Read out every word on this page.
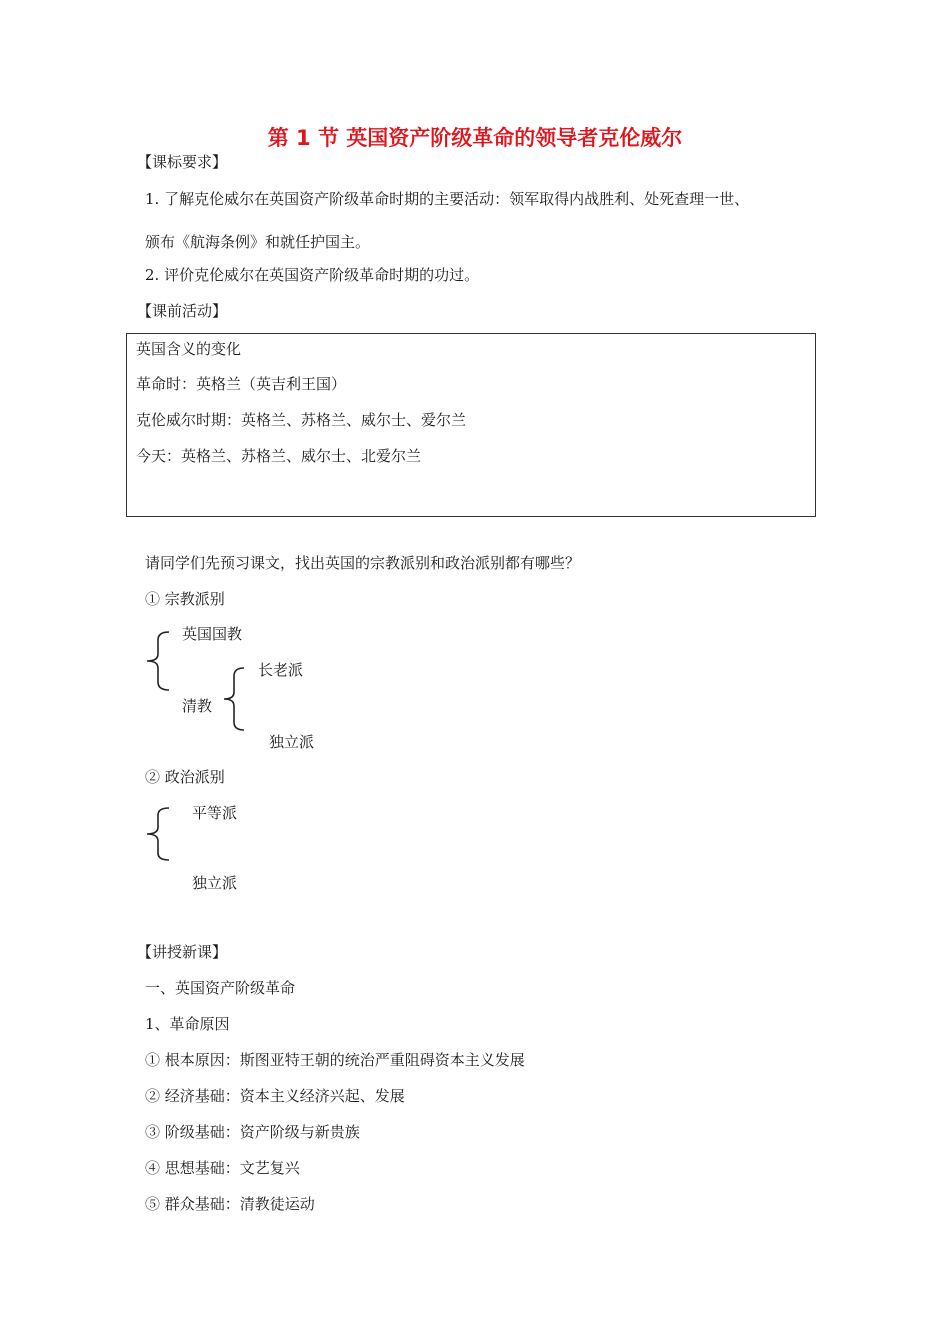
第 1 节 英国资产阶级革命的领导者克伦威尔
【课标要求】
1. 了解克伦威尔在英国资产阶级革命时期的主要活动：领军取得内战胜利、处死查理一世、
颁布《航海条例》和就任护国主。
2. 评价克伦威尔在英国资产阶级革命时期的功过。
【课前活动】
英国含义的变化
革命时：英格兰（英吉利王国）
克伦威尔时期：英格兰、苏格兰、威尔士、爱尔兰
今天：英格兰、苏格兰、威尔士、北爱尔兰
请同学们先预习课文，找出英国的宗教派别和政治派别都有哪些？
① 宗教派别
英国国教
清教
长老派
独立派
② 政治派别
平等派
独立派
【讲授新课】
一、英国资产阶级革命
1、革命原因
① 根本原因：斯图亚特王朝的统治严重阻碍资本主义发展
② 经济基础：资本主义经济兴起、发展
③ 阶级基础：资产阶级与新贵族
④ 思想基础：文艺复兴
⑤ 群众基础：清教徒运动
